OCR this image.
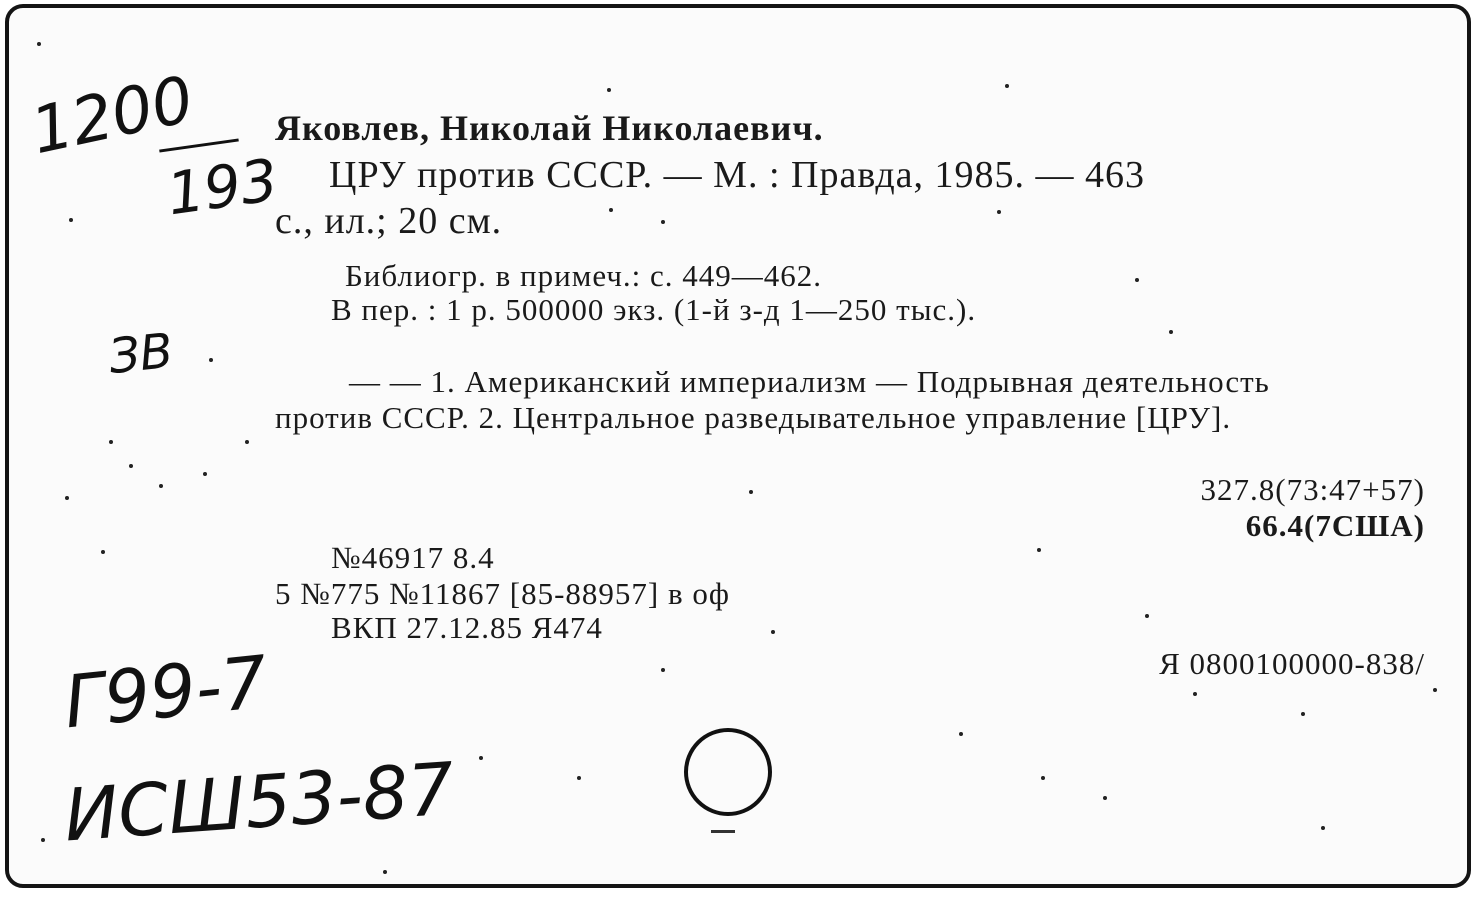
1200
193
ЗВ
Г99-7
ИСШ53-87
Яковлев, Николай Николаевич.
ЦРУ против СССР. — М. : Правда, 1985. — 463
с., ил.; 20 см.
Библиогр. в примеч.: с. 449—462.
В пер. : 1 р. 500000 экз. (1-й з-д 1—250 тыс.).
— — 1. Американский империализм — Подрывная деятельность
против СССР. 2. Центральное разведывательное управление [ЦРУ].
327.8(73:47+57)
66.4(7США)
№46917 8.4
5 №775 №11867 [85-88957] в оф
ВКП 27.12.85 Я474
Я 0800100000-838/
